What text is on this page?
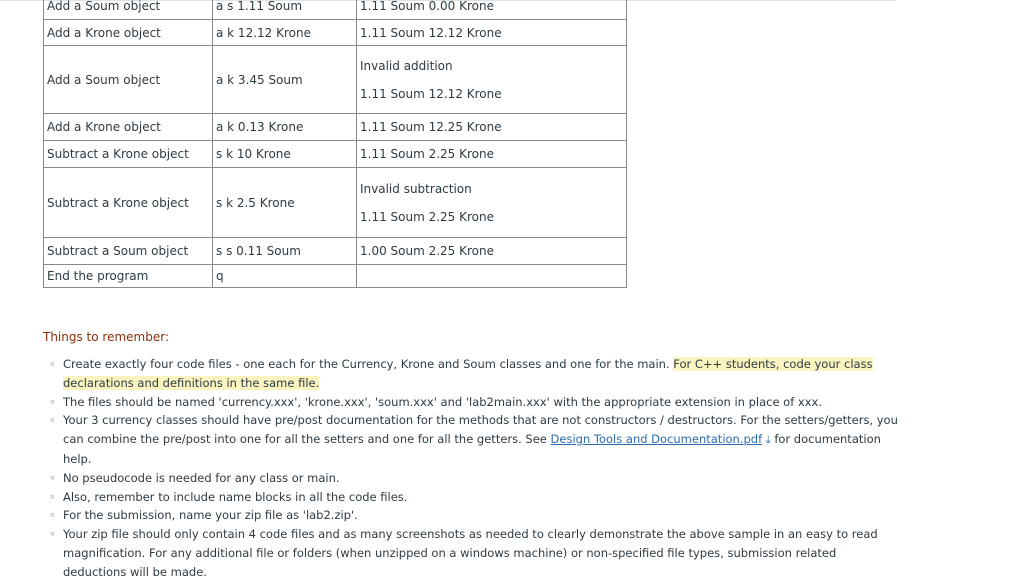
Add a Soum object	a s 1.11 Soum	1.11 Soum 0.00 Krone

Add a Krone object	a k 12.12 Krone	1.11 Soum 12.12 Krone

Add a Soum object	a k 3.45 Soum	Invalid addition
1.11 Soum 12.12 Krone

Add a Krone object	a k 0.13 Krone	1.11 Soum 12.25 Krone

Subtract a Krone object	s k 10 Krone	1.11 Soum 2.25 Krone

Subtract a Krone object	s k 2.5 Krone	Invalid subtraction
1.11 Soum 2.25 Krone

Subtract a Soum object	s s 0.11 Soum	1.00 Soum 2.25 Krone

End the program	q	
Things to remember:
◦ Create exactly four code files - one each for the Currency, Krone and Soum classes and one for the main. For C++ students, code your class declarations and definitions in the same file.
◦ The files should be named 'currency.xxx', 'krone.xxx', 'soum.xxx' and 'lab2main.xxx' with the appropriate extension in place of xxx.
◦ Your 3 currency classes should have pre/post documentation for the methods that are not constructors / destructors. For the setters/getters, you can combine the pre/post into one for all the setters and one for all the getters. See Design Tools and Documentation.pdf ⤓ for documentation help.
◦ No pseudocode is needed for any class or main.
◦ Also, remember to include name blocks in all the code files.
◦ For the submission, name your zip file as 'lab2.zip'.
◦ Your zip file should only contain 4 code files and as many screenshots as needed to clearly demonstrate the above sample in an easy to read magnification. For any additional file or folders (when unzipped on a windows machine) or non-specified file types, submission related deductions will be made.
